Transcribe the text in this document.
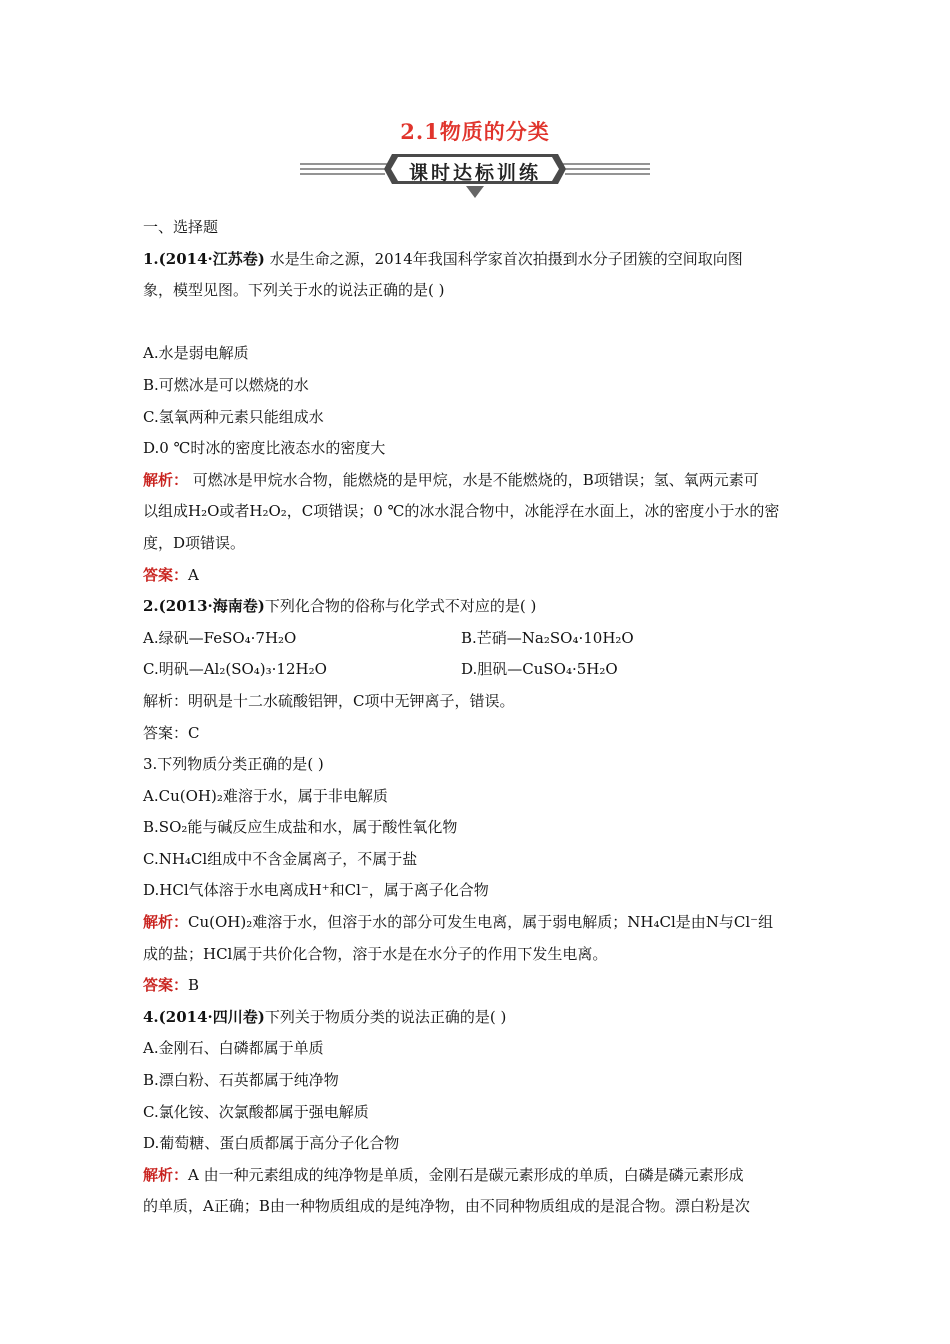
2.1物质的分类
课时达标训练
一、选择题
1.(2014·江苏卷) 水是生命之源，2014年我国科学家首次拍摄到水分子团簇的空间取向图
象，模型见图。下列关于水的说法正确的是( )
A.水是弱电解质
B.可燃冰是可以燃烧的水
C.氢氧两种元素只能组成水
D.0 ℃时冰的密度比液态水的密度大
解析： 可燃冰是甲烷水合物，能燃烧的是甲烷，水是不能燃烧的，B项错误；氢、氧两元素可
以组成H₂O或者H₂O₂，C项错误；0 ℃的冰水混合物中，冰能浮在水面上，冰的密度小于水的密
度，D项错误。
答案：A
2.(2013·海南卷)下列化合物的俗称与化学式不对应的是( )
A.绿矾—FeSO₄·7H₂O	B.芒硝—Na₂SO₄·10H₂O
C.明矾—Al₂(SO₄)₃·12H₂O	D.胆矾—CuSO₄·5H₂O
解析：明矾是十二水硫酸铝钾，C项中无钾离子，错误。
答案：C
3.下列物质分类正确的是( )
A.Cu(OH)₂难溶于水，属于非电解质
B.SO₂能与碱反应生成盐和水，属于酸性氧化物
C.NH₄Cl组成中不含金属离子，不属于盐
D.HCl气体溶于水电离成H⁺和Cl⁻，属于离子化合物
解析：Cu(OH)₂难溶于水，但溶于水的部分可发生电离，属于弱电解质；NH₄Cl是由N与Cl⁻组
成的盐；HCl属于共价化合物，溶于水是在水分子的作用下发生电离。
答案：B
4.(2014·四川卷)下列关于物质分类的说法正确的是( )
A.金刚石、白磷都属于单质
B.漂白粉、石英都属于纯净物
C.氯化铵、次氯酸都属于强电解质
D.葡萄糖、蛋白质都属于高分子化合物
解析：A 由一种元素组成的纯净物是单质，金刚石是碳元素形成的单质，白磷是磷元素形成
的单质，A正确；B由一种物质组成的是纯净物，由不同种物质组成的是混合物。漂白粉是次
